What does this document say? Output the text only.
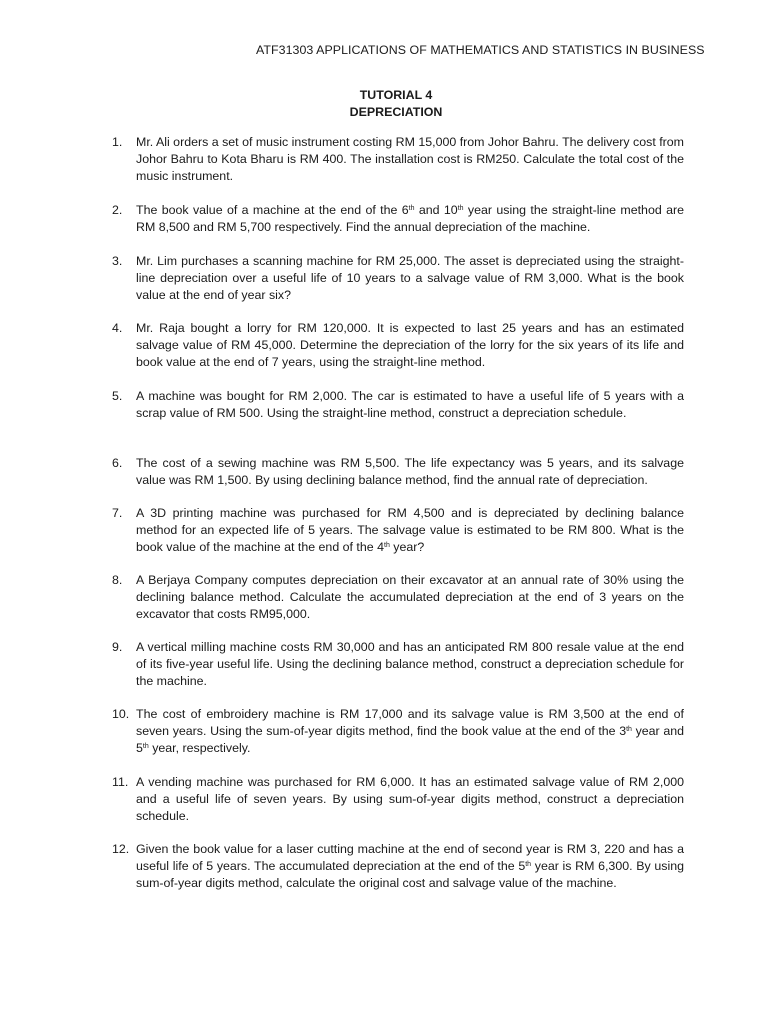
ATF31303 APPLICATIONS OF MATHEMATICS AND STATISTICS IN BUSINESS
TUTORIAL 4
DEPRECIATION
1.	Mr. Ali orders a set of music instrument costing RM 15,000 from Johor Bahru. The delivery cost from Johor Bahru to Kota Bharu is RM 400. The installation cost is RM250. Calculate the total cost of the music instrument.
2.	The book value of a machine at the end of the 6th and 10th year using the straight-line method are RM 8,500 and RM 5,700 respectively. Find the annual depreciation of the machine.
3.	Mr. Lim purchases a scanning machine for RM 25,000. The asset is depreciated using the straight-line depreciation over a useful life of 10 years to a salvage value of RM 3,000. What is the book value at the end of year six?
4.	Mr. Raja bought a lorry for RM 120,000. It is expected to last 25 years and has an estimated salvage value of RM 45,000. Determine the depreciation of the lorry for the six years of its life and book value at the end of 7 years, using the straight-line method.
5.	A machine was bought for RM 2,000. The car is estimated to have a useful life of 5 years with a scrap value of RM 500. Using the straight-line method, construct a depreciation schedule.
6.	The cost of a sewing machine was RM 5,500. The life expectancy was 5 years, and its salvage value was RM 1,500. By using declining balance method, find the annual rate of depreciation.
7.	A 3D printing machine was purchased for RM 4,500 and is depreciated by declining balance method for an expected life of 5 years. The salvage value is estimated to be RM 800. What is the book value of the machine at the end of the 4th year?
8.	A Berjaya Company computes depreciation on their excavator at an annual rate of 30% using the declining balance method. Calculate the accumulated depreciation at the end of 3 years on the excavator that costs RM95,000.
9.	A vertical milling machine costs RM 30,000 and has an anticipated RM 800 resale value at the end of its five-year useful life. Using the declining balance method, construct a depreciation schedule for the machine.
10. The cost of embroidery machine is RM 17,000 and its salvage value is RM 3,500 at the end of seven years. Using the sum-of-year digits method, find the book value at the end of the 3th year and 5th year, respectively.
11. A vending machine was purchased for RM 6,000. It has an estimated salvage value of RM 2,000 and a useful life of seven years. By using sum-of-year digits method, construct a depreciation schedule.
12. Given the book value for a laser cutting machine at the end of second year is RM 3, 220 and has a useful life of 5 years. The accumulated depreciation at the end of the 5th year is RM 6,300. By using sum-of-year digits method, calculate the original cost and salvage value of the machine.
